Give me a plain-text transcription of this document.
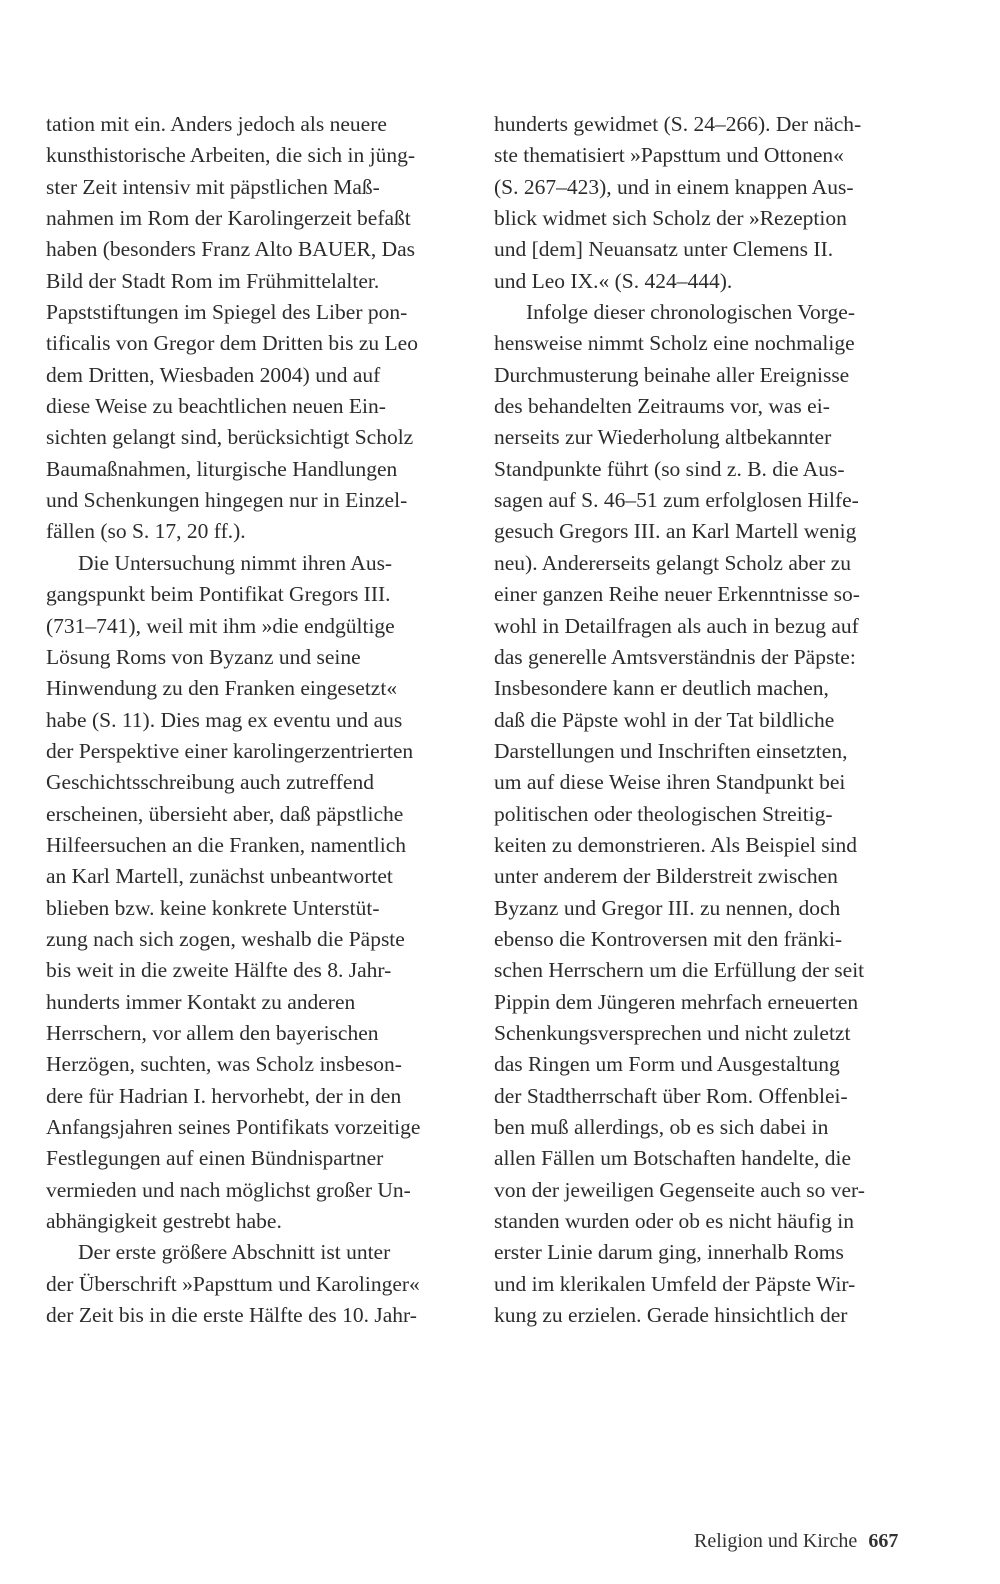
tation mit ein. Anders jedoch als neuere
kunsthistorische Arbeiten, die sich in jüng-
ster Zeit intensiv mit päpstlichen Maß-
nahmen im Rom der Karolingerzeit befaßt
haben (besonders Franz Alto BAUER, Das
Bild der Stadt Rom im Frühmittelalter.
Papststiftungen im Spiegel des Liber pon-
tificalis von Gregor dem Dritten bis zu Leo
dem Dritten, Wiesbaden 2004) und auf
diese Weise zu beachtlichen neuen Ein-
sichten gelangt sind, berücksichtigt Scholz
Baumaßnahmen, liturgische Handlungen
und Schenkungen hingegen nur in Einzel-
fällen (so S. 17, 20 ff.).
Die Untersuchung nimmt ihren Aus-
gangspunkt beim Pontifikat Gregors III.
(731–741), weil mit ihm »die endgültige
Lösung Roms von Byzanz und seine
Hinwendung zu den Franken eingesetzt«
habe (S. 11). Dies mag ex eventu und aus
der Perspektive einer karolingerzentrierten
Geschichtsschreibung auch zutreffend
erscheinen, übersieht aber, daß päpstliche
Hilfeersuchen an die Franken, namentlich
an Karl Martell, zunächst unbeantwortet
blieben bzw. keine konkrete Unterstüt-
zung nach sich zogen, weshalb die Päpste
bis weit in die zweite Hälfte des 8. Jahr-
hunderts immer Kontakt zu anderen
Herrschern, vor allem den bayerischen
Herzögen, suchten, was Scholz insbeson-
dere für Hadrian I. hervorhebt, der in den
Anfangsjahren seines Pontifikats vorzeitige
Festlegungen auf einen Bündnispartner
vermieden und nach möglichst großer Un-
abhängigkeit gestrebt habe.
Der erste größere Abschnitt ist unter
der Überschrift »Papsttum und Karolinger«
der Zeit bis in die erste Hälfte des 10. Jahr-
hunderts gewidmet (S. 24–266). Der näch-
ste thematisiert »Papsttum und Ottonen«
(S. 267–423), und in einem knappen Aus-
blick widmet sich Scholz der »Rezeption
und [dem] Neuansatz unter Clemens II.
und Leo IX.« (S. 424–444).
Infolge dieser chronologischen Vorge-
hensweise nimmt Scholz eine nochmalige
Durchmusterung beinahe aller Ereignisse
des behandelten Zeitraums vor, was ei-
nerseits zur Wiederholung altbekannter
Standpunkte führt (so sind z. B. die Aus-
sagen auf S. 46–51 zum erfolglosen Hilfe-
gesuch Gregors III. an Karl Martell wenig
neu). Andererseits gelangt Scholz aber zu
einer ganzen Reihe neuer Erkenntnisse so-
wohl in Detailfragen als auch in bezug auf
das generelle Amtsverständnis der Päpste:
Insbesondere kann er deutlich machen,
daß die Päpste wohl in der Tat bildliche
Darstellungen und Inschriften einsetzten,
um auf diese Weise ihren Standpunkt bei
politischen oder theologischen Streitig-
keiten zu demonstrieren. Als Beispiel sind
unter anderem der Bilderstreit zwischen
Byzanz und Gregor III. zu nennen, doch
ebenso die Kontroversen mit den fränki-
schen Herrschern um die Erfüllung der seit
Pippin dem Jüngeren mehrfach erneuerten
Schenkungsversprechen und nicht zuletzt
das Ringen um Form und Ausgestaltung
der Stadtherrschaft über Rom. Offenblei-
ben muß allerdings, ob es sich dabei in
allen Fällen um Botschaften handelte, die
von der jeweiligen Gegenseite auch so ver-
standen wurden oder ob es nicht häufig in
erster Linie darum ging, innerhalb Roms
und im klerikalen Umfeld der Päpste Wir-
kung zu erzielen. Gerade hinsichtlich der
Religion und Kirche 667
